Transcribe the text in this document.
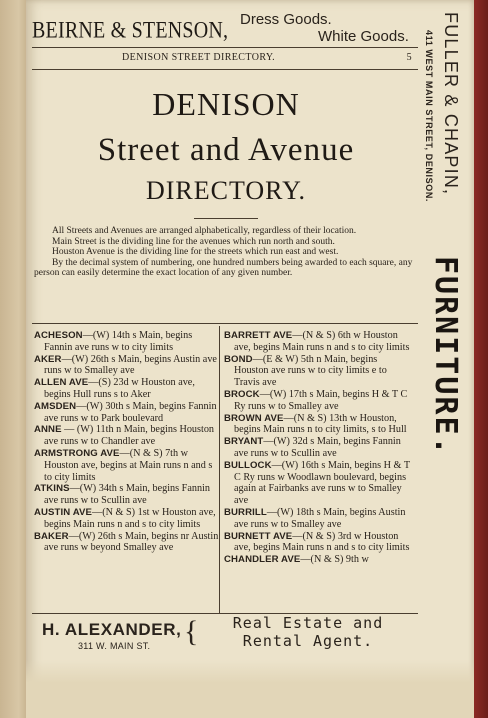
BEIRNE & STENSON, Dress Goods.
White Goods.
DENISON STREET DIRECTORY.	5 FULLER & CHAPIN,
411 WEST MAIN STREET, DENISON.
FURNITURE.
DENISON
Street and Avenue
DIRECTORY.

All Streets and Avenues are arranged alphabetically, regardless of their location.

Main Street is the dividing line for the avenues which run north and south.

Houston Avenue is the dividing line for the streets which run east and west.

By the decimal system of numbering, one hundred numbers being awarded to each square, any person can easily determine the exact location of any given number.

ACHESON—(W) 14th s Main, begins Fannin ave runs w to city limits

AKER—(W) 26th s Main, begins Austin ave runs w to Smalley ave

ALLEN AVE—(S) 23d w Houston ave, begins Hull runs s to Aker

AMSDEN—(W) 30th s Main, begins Fannin ave runs w to Park boulevard

ANNE — (W) 11th n Main, begins Houston ave runs w to Chandler ave

ARMSTRONG AVE—(N & S) 7th w Houston ave, begins at Main runs n and s to city limits

ATKINS—(W) 34th s Main, begins Fannin ave runs w to Scullin ave

AUSTIN AVE—(N & S) 1st w Houston ave, begins Main runs n and s to city limits

BAKER—(W) 26th s Main, begins nr Austin ave runs w beyond Smalley ave

BARRETT AVE—(N & S) 6th w Houston ave, begins Main runs n and s to city limits

BOND—(E & W) 5th n Main, begins Houston ave runs w to city limits e to Travis ave

BROCK—(W) 17th s Main, begins H & T C Ry runs w to Smalley ave

BROWN AVE—(N & S) 13th w Houston, begins Main runs n to city limits, s to Hull

BRYANT—(W) 32d s Main, begins Fannin ave runs w to Scullin ave

BULLOCK—(W) 16th s Main, begins H & T C Ry runs w Woodlawn boulevard, begins again at Fairbanks ave runs w to Smalley ave

BURRILL—(W) 18th s Main, begins Austin ave runs w to Smalley ave

BURNETT AVE—(N & S) 3rd w Houston ave, begins Main runs n and s to city limits

CHANDLER AVE—(N & S) 9th w

H. ALEXANDER,
311 W. MAIN ST. {	Real Estate and
Rental Agent.
